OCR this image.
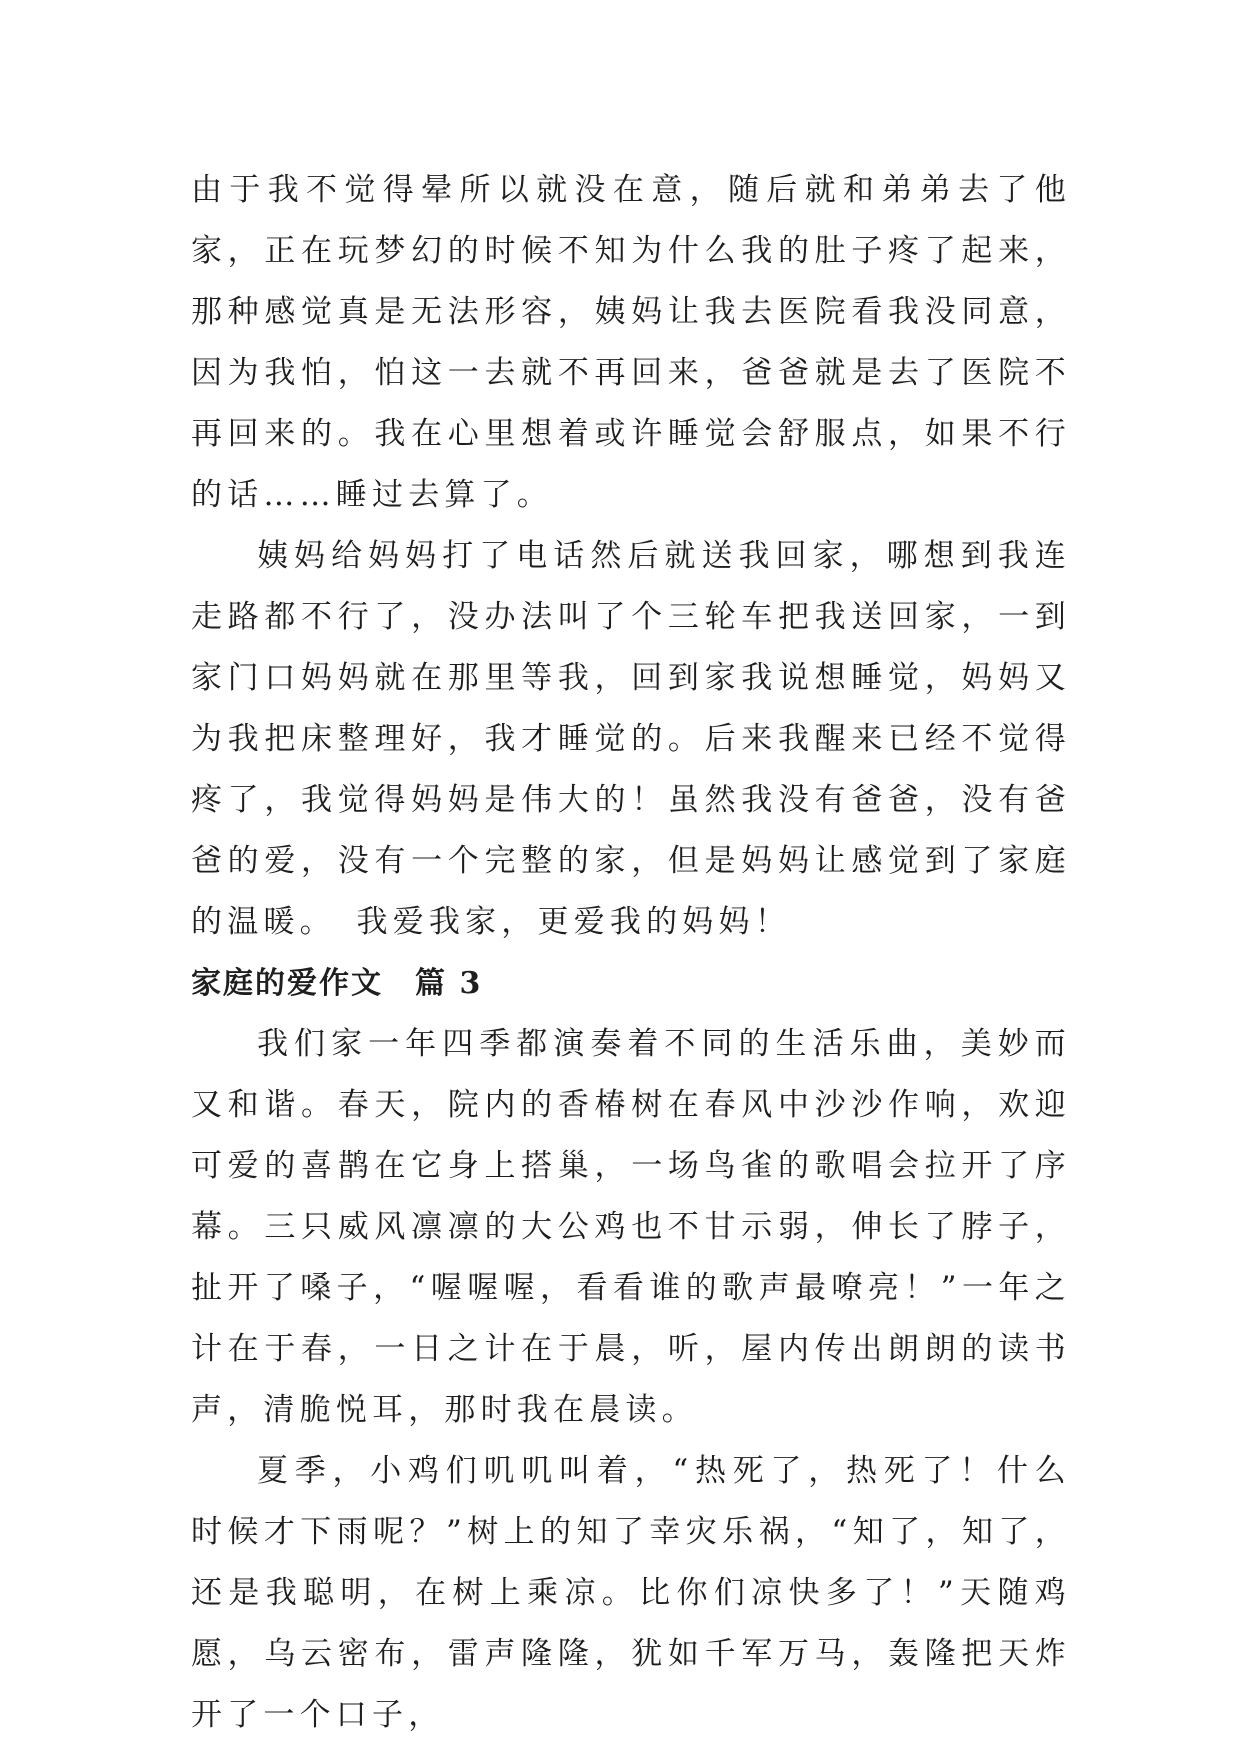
由于我不觉得晕所以就没在意，随后就和弟弟去了他家，正在玩梦幻的时候不知为什么我的肚子疼了起来，那种感觉真是无法形容，姨妈让我去医院看我没同意，因为我怕，怕这一去就不再回来，爸爸就是去了医院不再回来的。我在心里想着或许睡觉会舒服点，如果不行的话……睡过去算了。

姨妈给妈妈打了电话然后就送我回家，哪想到我连走路都不行了，没办法叫了个三轮车把我送回家，一到家门口妈妈就在那里等我，回到家我说想睡觉，妈妈又为我把床整理好，我才睡觉的。后来我醒来已经不觉得疼了，我觉得妈妈是伟大的！虽然我没有爸爸，没有爸爸的爱，没有一个完整的家，但是妈妈让感觉到了家庭的温暖。　我爱我家，更爱我的妈妈！

家庭的爱作文　篇 3

我们家一年四季都演奏着不同的生活乐曲，美妙而又和谐。春天，院内的香椿树在春风中沙沙作响，欢迎可爱的喜鹊在它身上搭巢，一场鸟雀的歌唱会拉开了序幕。三只威风凛凛的大公鸡也不甘示弱，伸长了脖子，扯开了嗓子，“喔喔喔，看看谁的歌声最嘹亮！”一年之计在于春，一日之计在于晨，听，屋内传出朗朗的读书声，清脆悦耳，那时我在晨读。

夏季，小鸡们叽叽叫着，“热死了，热死了！什么时候才下雨呢？”树上的知了幸灾乐祸，“知了，知了，还是我聪明，在树上乘凉。比你们凉快多了！”天随鸡愿，乌云密布，雷声隆隆，犹如千军万马，轰隆把天炸开了一个口子，
